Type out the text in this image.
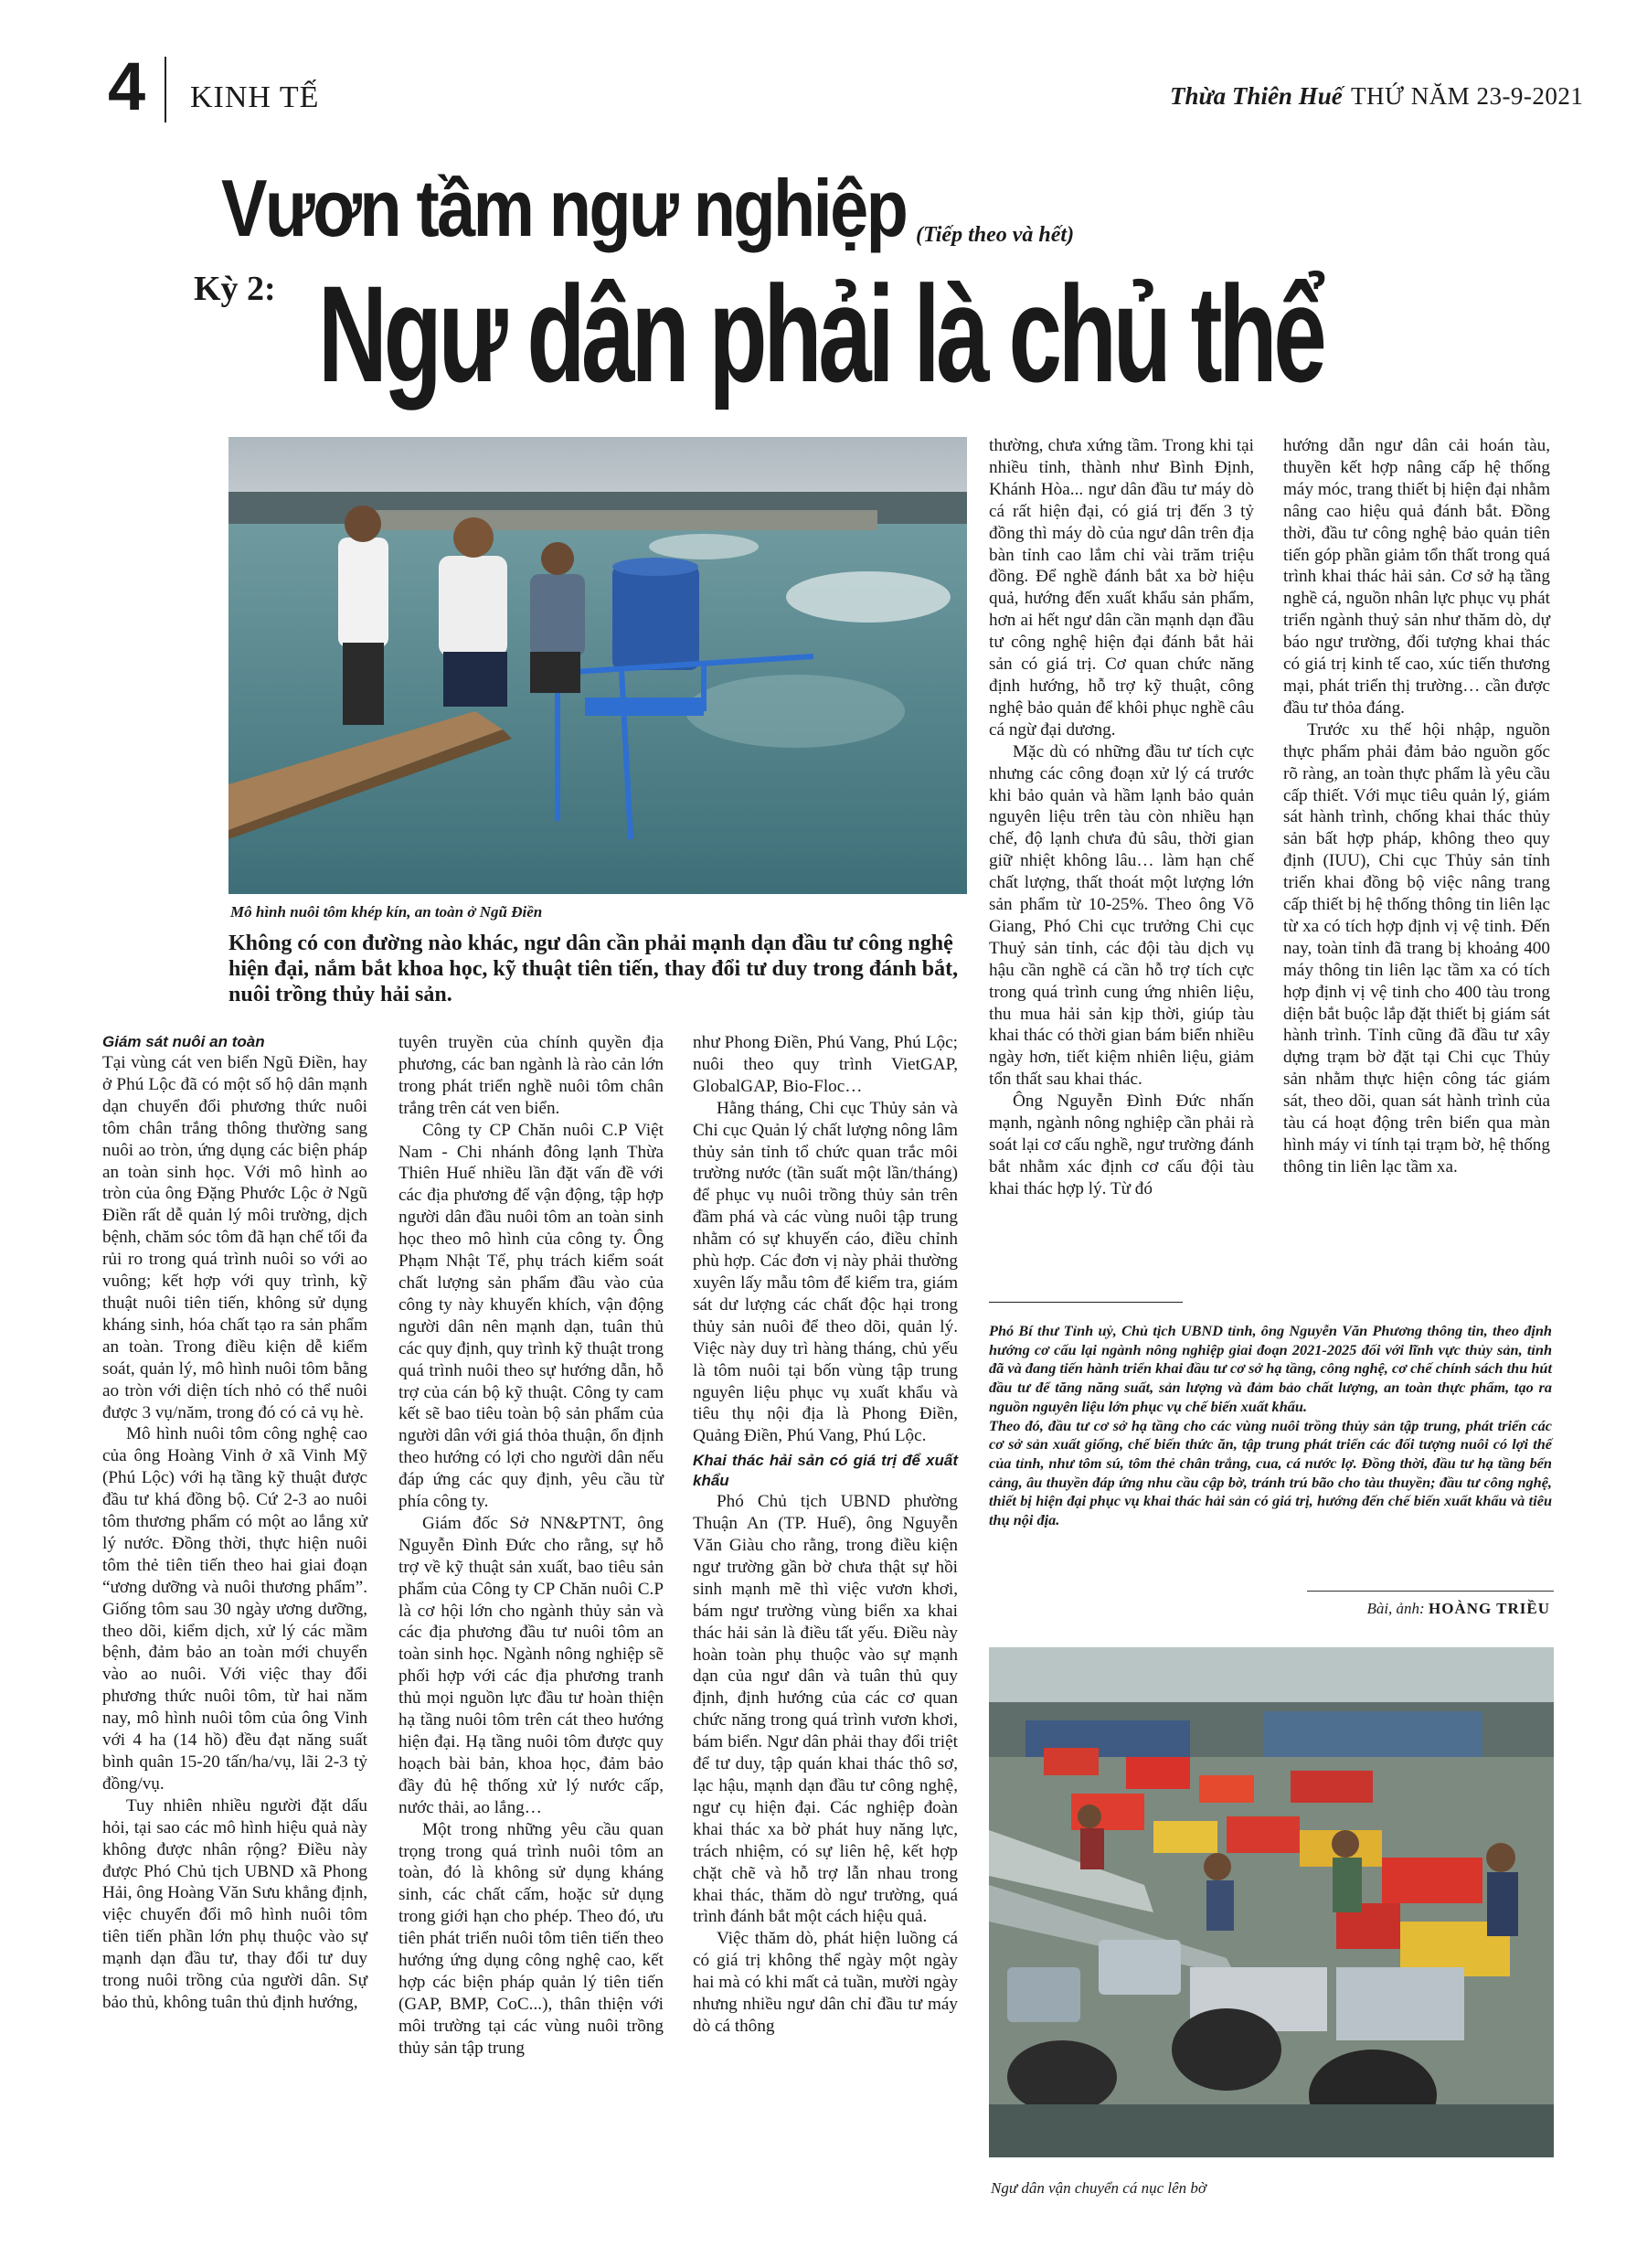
4 KINH TẾ	Thừa Thiên Huế THỨ NĂM 23-9-2021
Vươn tầm ngư nghiệp (Tiếp theo và hết)
Kỳ 2: Ngư dân phải là chủ thể
Mô hình nuôi tôm khép kín, an toàn ở Ngũ Điền
Không có con đường nào khác, ngư dân cần phải mạnh dạn đầu tư công nghệ hiện đại, nắm bắt khoa học, kỹ thuật tiên tiến, thay đổi tư duy trong đánh bắt, nuôi trồng thủy hải sản.

Giám sát nuôi an toàn

Tại vùng cát ven biển Ngũ Điền, hay ở Phú Lộc đã có một số hộ dân mạnh dạn chuyển đổi phương thức nuôi tôm chân trắng thông thường sang nuôi ao tròn, ứng dụng các biện pháp an toàn sinh học. Với mô hình ao tròn của ông Đặng Phước Lộc ở Ngũ Điền rất dễ quản lý môi trường, dịch bệnh, chăm sóc tôm đã hạn chế tối đa rủi ro trong quá trình nuôi so với ao vuông; kết hợp với quy trình, kỹ thuật nuôi tiên tiến, không sử dụng kháng sinh, hóa chất tạo ra sản phẩm an toàn. Trong điều kiện dễ kiểm soát, quản lý, mô hình nuôi tôm bằng ao tròn với diện tích nhỏ có thể nuôi được 3 vụ/năm, trong đó có cả vụ hè.

Mô hình nuôi tôm công nghệ cao của ông Hoàng Vinh ở xã Vinh Mỹ (Phú Lộc) với hạ tầng kỹ thuật được đầu tư khá đồng bộ. Cứ 2-3 ao nuôi tôm thương phẩm có một ao lắng xử lý nước. Đồng thời, thực hiện nuôi tôm thẻ tiên tiến theo hai giai đoạn “ương dưỡng và nuôi thương phẩm”. Giống tôm sau 30 ngày ương dưỡng, theo dõi, kiểm dịch, xử lý các mầm bệnh, đảm bảo an toàn mới chuyển vào ao nuôi. Với việc thay đổi phương thức nuôi tôm, từ hai năm nay, mô hình nuôi tôm của ông Vinh với 4 ha (14 hồ) đều đạt năng suất bình quân 15-20 tấn/ha/vụ, lãi 2-3 tỷ đồng/vụ.

Tuy nhiên nhiều người đặt dấu hỏi, tại sao các mô hình hiệu quả này không được nhân rộng? Điều này được Phó Chủ tịch UBND xã Phong Hải, ông Hoàng Văn Sưu khẳng định, việc chuyển đổi mô hình nuôi tôm tiên tiến phần lớn phụ thuộc vào sự mạnh dạn đầu tư, thay đổi tư duy trong nuôi trồng của người dân. Sự bảo thủ, không tuân thủ định hướng,

tuyên truyền của chính quyền địa phương, các ban ngành là rào cản lớn trong phát triển nghề nuôi tôm chân trắng trên cát ven biển.

Công ty CP Chăn nuôi C.P Việt Nam - Chi nhánh đông lạnh Thừa Thiên Huế nhiều lần đặt vấn đề với các địa phương để vận động, tập hợp người dân đầu nuôi tôm an toàn sinh học theo mô hình của công ty. Ông Phạm Nhật Tế, phụ trách kiểm soát chất lượng sản phẩm đầu vào của công ty này khuyến khích, vận động người dân nên mạnh dạn, tuân thủ các quy định, quy trình kỹ thuật trong quá trình nuôi theo sự hướng dẫn, hỗ trợ của cán bộ kỹ thuật. Công ty cam kết sẽ bao tiêu toàn bộ sản phẩm của người dân với giá thỏa thuận, ổn định theo hướng có lợi cho người dân nếu đáp ứng các quy định, yêu cầu từ phía công ty.

Giám đốc Sở NN&PTNT, ông Nguyễn Đình Đức cho rằng, sự hỗ trợ về kỹ thuật sản xuất, bao tiêu sản phẩm của Công ty CP Chăn nuôi C.P là cơ hội lớn cho ngành thủy sản và các địa phương đầu tư nuôi tôm an toàn sinh học. Ngành nông nghiệp sẽ phối hợp với các địa phương tranh thủ mọi nguồn lực đầu tư hoàn thiện hạ tầng nuôi tôm trên cát theo hướng hiện đại. Hạ tầng nuôi tôm được quy hoạch bài bản, khoa học, đảm bảo đầy đủ hệ thống xử lý nước cấp, nước thải, ao lắng…

Một trong những yêu cầu quan trọng trong quá trình nuôi tôm an toàn, đó là không sử dụng kháng sinh, các chất cấm, hoặc sử dụng trong giới hạn cho phép. Theo đó, ưu tiên phát triển nuôi tôm tiên tiến theo hướng ứng dụng công nghệ cao, kết hợp các biện pháp quản lý tiên tiến (GAP, BMP, CoC...), thân thiện với môi trường tại các vùng nuôi trồng thủy sản tập trung

như Phong Điền, Phú Vang, Phú Lộc; nuôi theo quy trình VietGAP, GlobalGAP, Bio-Floc…

Hằng tháng, Chi cục Thủy sản và Chi cục Quản lý chất lượng nông lâm thủy sản tỉnh tổ chức quan trắc môi trường nước (tần suất một lần/tháng) để phục vụ nuôi trồng thủy sản trên đầm phá và các vùng nuôi tập trung nhằm có sự khuyến cáo, điều chỉnh phù hợp. Các đơn vị này phải thường xuyên lấy mẫu tôm để kiểm tra, giám sát dư lượng các chất độc hại trong thủy sản nuôi để theo dõi, quản lý. Việc này duy trì hàng tháng, chủ yếu là tôm nuôi tại bốn vùng tập trung nguyên liệu phục vụ xuất khẩu và tiêu thụ nội địa là Phong Điền, Quảng Điền, Phú Vang, Phú Lộc.

Khai thác hải sản có giá trị để xuất khẩu

Phó Chủ tịch UBND phường Thuận An (TP. Huế), ông Nguyễn Văn Giàu cho rằng, trong điều kiện ngư trường gần bờ chưa thật sự hồi sinh mạnh mẽ thì việc vươn khơi, bám ngư trường vùng biển xa khai thác hải sản là điều tất yếu. Điều này hoàn toàn phụ thuộc vào sự mạnh dạn của ngư dân và tuân thủ quy định, định hướng của các cơ quan chức năng trong quá trình vươn khơi, bám biển. Ngư dân phải thay đổi triệt để tư duy, tập quán khai thác thô sơ, lạc hậu, mạnh dạn đầu tư công nghệ, ngư cụ hiện đại. Các nghiệp đoàn khai thác xa bờ phát huy năng lực, trách nhiệm, có sự liên hệ, kết hợp chặt chẽ và hỗ trợ lẫn nhau trong khai thác, thăm dò ngư trường, quá trình đánh bắt một cách hiệu quả.

Việc thăm dò, phát hiện luồng cá có giá trị không thể ngày một ngày hai mà có khi mất cả tuần, mười ngày nhưng nhiều ngư dân chỉ đầu tư máy dò cá thông

thường, chưa xứng tầm. Trong khi tại nhiều tỉnh, thành như Bình Định, Khánh Hòa... ngư dân đầu tư máy dò cá rất hiện đại, có giá trị đến 3 tỷ đồng thì máy dò của ngư dân trên địa bàn tỉnh cao lắm chỉ vài trăm triệu đồng. Để nghề đánh bắt xa bờ hiệu quả, hướng đến xuất khẩu sản phẩm, hơn ai hết ngư dân cần mạnh dạn đầu tư công nghệ hiện đại đánh bắt hải sản có giá trị. Cơ quan chức năng định hướng, hỗ trợ kỹ thuật, công nghệ bảo quản để khôi phục nghề câu cá ngừ đại dương.

Mặc dù có những đầu tư tích cực nhưng các công đoạn xử lý cá trước khi bảo quản và hầm lạnh bảo quản nguyên liệu trên tàu còn nhiều hạn chế, độ lạnh chưa đủ sâu, thời gian giữ nhiệt không lâu… làm hạn chế chất lượng, thất thoát một lượng lớn sản phẩm từ 10-25%. Theo ông Võ Giang, Phó Chi cục trưởng Chi cục Thuỷ sản tỉnh, các đội tàu dịch vụ hậu cần nghề cá cần hỗ trợ tích cực trong quá trình cung ứng nhiên liệu, thu mua hải sản kịp thời, giúp tàu khai thác có thời gian bám biển nhiều ngày hơn, tiết kiệm nhiên liệu, giảm tổn thất sau khai thác.

Ông Nguyễn Đình Đức nhấn mạnh, ngành nông nghiệp cần phải rà soát lại cơ cấu nghề, ngư trường đánh bắt nhằm xác định cơ cấu đội tàu khai thác hợp lý. Từ đó

hướng dẫn ngư dân cải hoán tàu, thuyền kết hợp nâng cấp hệ thống máy móc, trang thiết bị hiện đại nhằm nâng cao hiệu quả đánh bắt. Đồng thời, đầu tư công nghệ bảo quản tiên tiến góp phần giảm tổn thất trong quá trình khai thác hải sản. Cơ sở hạ tầng nghề cá, nguồn nhân lực phục vụ phát triển ngành thuỷ sản như thăm dò, dự báo ngư trường, đối tượng khai thác có giá trị kinh tế cao, xúc tiến thương mại, phát triển thị trường… cần được đầu tư thỏa đáng.

Trước xu thế hội nhập, nguồn thực phẩm phải đảm bảo nguồn gốc rõ ràng, an toàn thực phẩm là yêu cầu cấp thiết. Với mục tiêu quản lý, giám sát hành trình, chống khai thác thủy sản bất hợp pháp, không theo quy định (IUU), Chi cục Thủy sản tỉnh triển khai đồng bộ việc nâng trang cấp thiết bị hệ thống thông tin liên lạc từ xa có tích hợp định vị vệ tinh. Đến nay, toàn tỉnh đã trang bị khoảng 400 máy thông tin liên lạc tầm xa có tích hợp định vị vệ tinh cho 400 tàu trong diện bắt buộc lắp đặt thiết bị giám sát hành trình. Tỉnh cũng đã đầu tư xây dựng trạm bờ đặt tại Chi cục Thủy sản nhằm thực hiện công tác giám sát, theo dõi, quan sát hành trình của tàu cá hoạt động trên biển qua màn hình máy vi tính tại trạm bờ, hệ thống thông tin liên lạc tầm xa.

Phó Bí thư Tỉnh uỷ, Chủ tịch UBND tỉnh, ông Nguyễn Văn Phương thông tin, theo định hướng cơ cấu lại ngành nông nghiệp giai đoạn 2021-2025 đối với lĩnh vực thủy sản, tỉnh đã và đang tiến hành triển khai đầu tư cơ sở hạ tầng, công nghệ, cơ chế chính sách thu hút đầu tư để tăng năng suất, sản lượng và đảm bảo chất lượng, an toàn thực phẩm, tạo ra nguồn nguyên liệu lớn phục vụ chế biến xuất khẩu.

Theo đó, đầu tư cơ sở hạ tầng cho các vùng nuôi trồng thủy sản tập trung, phát triển các cơ sở sản xuất giống, chế biến thức ăn, tập trung phát triển các đối tượng nuôi có lợi thế của tỉnh, như tôm sú, tôm thẻ chân trắng, cua, cá nước lợ. Đồng thời, đầu tư hạ tầng bến cảng, âu thuyền đáp ứng nhu cầu cập bờ, tránh trú bão cho tàu thuyền; đầu tư công nghệ, thiết bị hiện đại phục vụ khai thác hải sản có giá trị, hướng đến chế biến xuất khẩu và tiêu thụ nội địa.

Bài, ảnh: HOÀNG TRIỀU
Ngư dân vận chuyển cá nục lên bờ
